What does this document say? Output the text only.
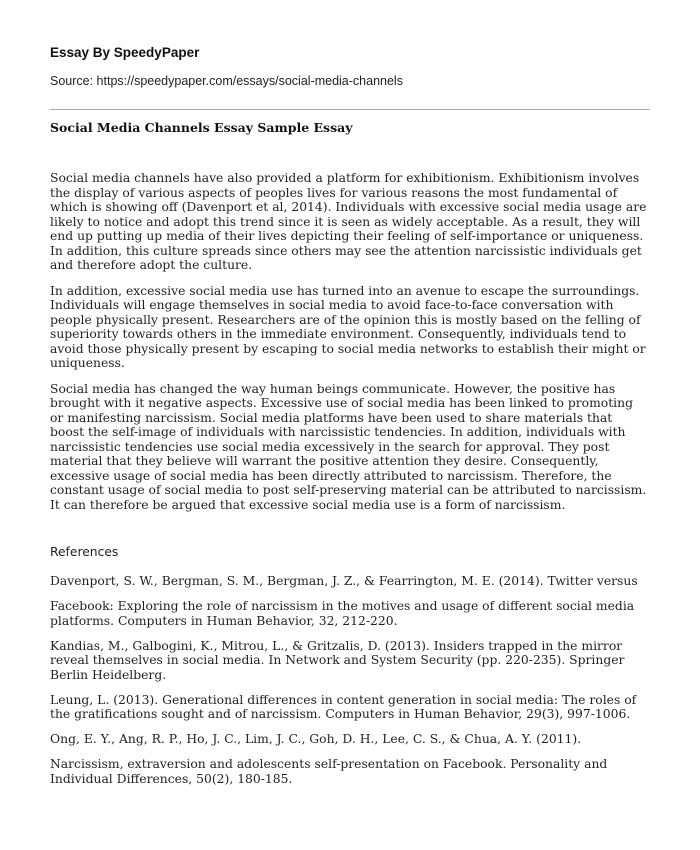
Essay By SpeedyPaper

Source: https://speedypaper.com/essays/social-media-channels

Social Media Channels Essay Sample Essay

Social media channels have also provided a platform for exhibitionism. Exhibitionism involves the display of various aspects of peoples lives for various reasons the most fundamental of which is showing off (Davenport et al, 2014). Individuals with excessive social media usage are likely to notice and adopt this trend since it is seen as widely acceptable. As a result, they will end up putting up media of their lives depicting their feeling of self-importance or uniqueness. In addition, this culture spreads since others may see the attention narcissistic individuals get and therefore adopt the culture.

In addition, excessive social media use has turned into an avenue to escape the surroundings. Individuals will engage themselves in social media to avoid face-to-face conversation with people physically present. Researchers are of the opinion this is mostly based on the felling of superiority towards others in the immediate environment. Consequently, individuals tend to avoid those physically present by escaping to social media networks to establish their might or uniqueness.

Social media has changed the way human beings communicate. However, the positive has brought with it negative aspects. Excessive use of social media has been linked to promoting or manifesting narcissism. Social media platforms have been used to share materials that boost the self-image of individuals with narcissistic tendencies. In addition, individuals with narcissistic tendencies use social media excessively in the search for approval. They post material that they believe will warrant the positive attention they desire. Consequently, excessive usage of social media has been directly attributed to narcissism. Therefore, the constant usage of social media to post self-preserving material can be attributed to narcissism. It can therefore be argued that excessive social media use is a form of narcissism.

References

Davenport, S. W., Bergman, S. M., Bergman, J. Z., & Fearrington, M. E. (2014). Twitter versus

Facebook: Exploring the role of narcissism in the motives and usage of different social media platforms. Computers in Human Behavior, 32, 212-220.

Kandias, M., Galbogini, K., Mitrou, L., & Gritzalis, D. (2013). Insiders trapped in the mirror reveal themselves in social media. In Network and System Security (pp. 220-235). Springer Berlin Heidelberg.

Leung, L. (2013). Generational differences in content generation in social media: The roles of the gratifications sought and of narcissism. Computers in Human Behavior, 29(3), 997-1006.

Ong, E. Y., Ang, R. P., Ho, J. C., Lim, J. C., Goh, D. H., Lee, C. S., & Chua, A. Y. (2011).

Narcissism, extraversion and adolescents self-presentation on Facebook. Personality and Individual Differences, 50(2), 180-185.
